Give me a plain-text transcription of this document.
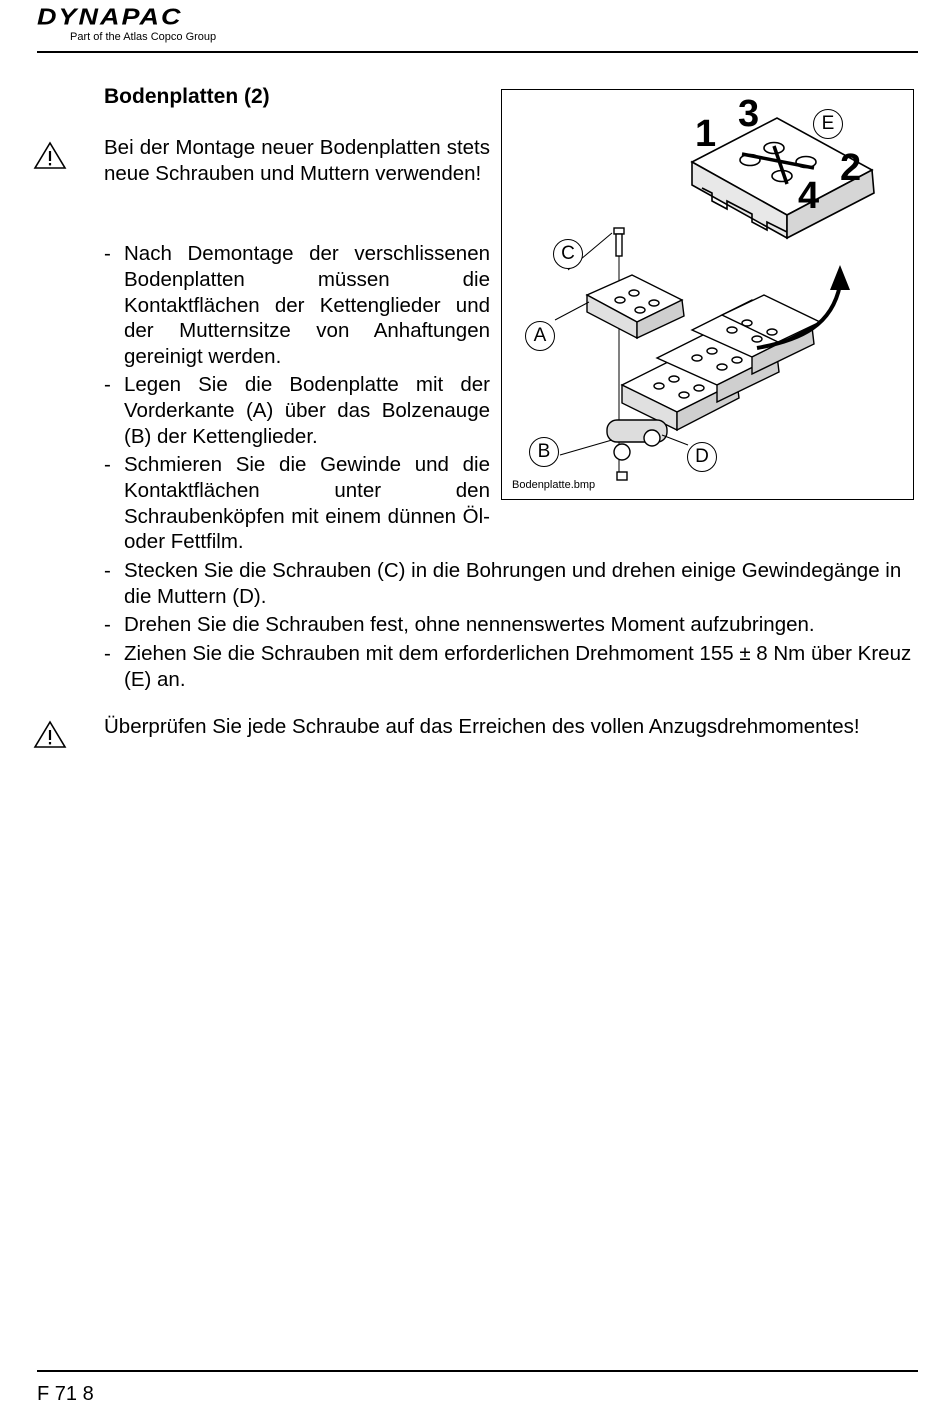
DYNAPAC
Part of the Atlas Copco Group
Bodenplatten (2)
Bei der Montage neuer Bodenplatten stets neue Schrauben und Muttern verwenden!
- Nach Demontage der verschlissenen Bodenplatten müssen die Kontaktflächen der Kettenglieder und der Mutternsitze von Anhaftungen gereinigt werden.
- Legen Sie die Bodenplatte mit der Vorderkante (A) über das Bolzenauge (B) der Kettenglieder.
- Schmieren Sie die Gewinde und die Kontaktflächen unter den Schraubenköpfen mit einem dünnen Öl- oder Fettfilm.
- Stecken Sie die Schrauben (C) in die Bohrungen und drehen einige Gewindegänge in die Muttern (D).
- Drehen Sie die Schrauben fest, ohne nennenswertes Moment aufzubringen.
- Ziehen Sie die Schrauben mit dem erforderlichen Drehmoment 155 ± 8 Nm über Kreuz (E) an.
Überprüfen Sie jede Schraube auf das Erreichen des vollen Anzugsdrehmomentes!
1
2
3
4
A
B
C
D
E
Bodenplatte.bmp
F 71 8
